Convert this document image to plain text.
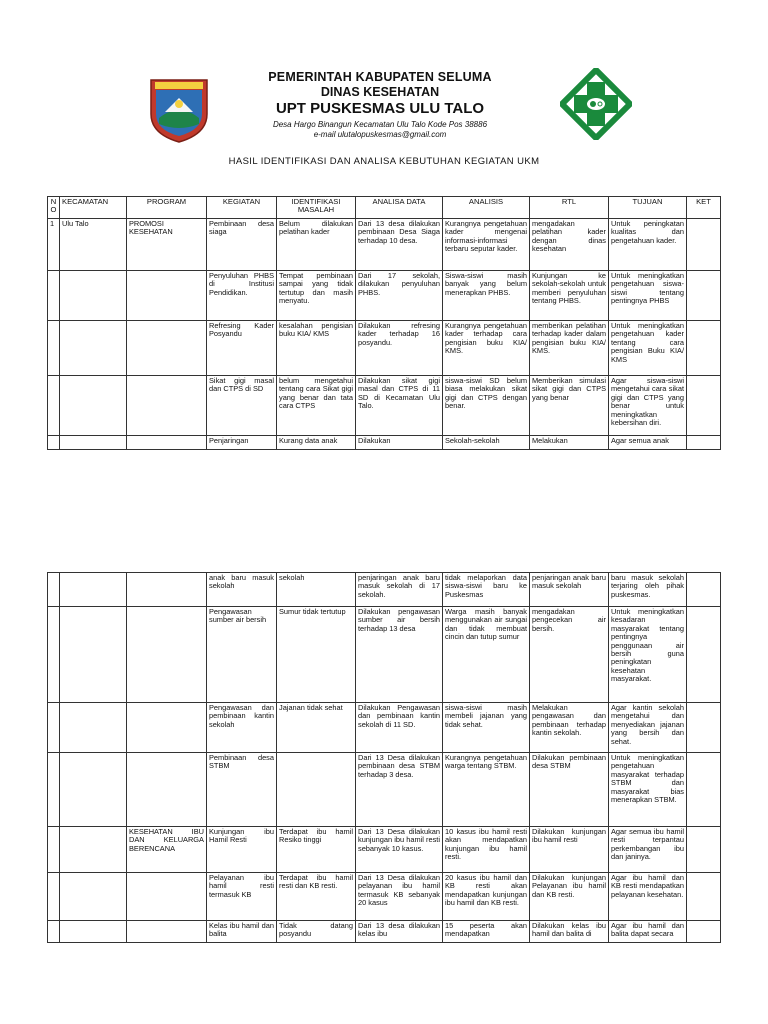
PEMERINTAH KABUPATEN SELUMA
DINAS KESEHATAN
UPT PUSKESMAS ULU TALO
Desa Hargo Binangun Kecamatan Ulu Talo Kode Pos 38886
e-mail ulutalopuskesmas@gmail.com
HASIL IDENTIFIKASI DAN ANALISA KEBUTUHAN KEGIATAN UKM
N O	KECAMATAN	PROGRAM	KEGIATAN	IDENTIFIKASI MASALAH	ANALISA DATA	ANALISIS	RTL	TUJUAN	KET
1	Ulu Talo	PROMOSI KESEHATAN	Pembinaan desa siaga	Belum dilakukan pelatihan kader	Dari 13 desa dilakukan pembinaan Desa Siaga terhadap 10 desa.	Kurangnya pengetahuan kader mengenai informasi-informasi terbaru seputar kader.	mengadakan pelatihan kader dengan dinas kesehatan	Untuk peningkatan kualitas dan pengetahuan kader.	
			Penyuluhan PHBS di Institusi Pendidikan.	Tempat pembinaan sampai yang tidak tertutup dan masih menyatu.	Dari 17 sekolah, dilakukan penyuluhan PHBS.	Siswa-siswi masih banyak yang belum menerapkan PHBS.	Kunjungan ke sekolah-sekolah untuk memberi penyuluhan tentang PHBS.	Untuk meningkatkan pengetahuan siswa-siswi tentang pentingnya PHBS	
			Refresing Kader Posyandu	kesalahan pengisian buku KIA/ KMS	Dilakukan refresing kader terhadap 16 posyandu.	Kurangnya pengetahuan kader terhadap cara pengisian buku KIA/ KMS.	memberikan pelatihan terhadap kader dalam pengisian buku KIA/ KMS.	Untuk meningkatkan pengetahuan kader tentang cara pengisian Buku KIA/ KMS	
			Sikat gigi masal dan CTPS di SD	belum mengetahui tentang cara Sikat gigi yang benar dan tata cara CTPS	Dilakukan sikat gigi masal dan CTPS di 11 SD di Kecamatan Ulu Talo.	siswa-siswi SD belum biasa melakukan sikat gigi dan CTPS dengan benar.	Memberikan simulasi sikat gigi dan CTPS yang benar	Agar siswa-siswi mengetahui cara sikat gigi dan CTPS yang benar untuk meningkatkan kebersihan diri.	
			Penjaringan	Kurang data anak	Dilakukan	Sekolah-sekolah	Melakukan	Agar semua anak	
			anak baru masuk sekolah	sekolah	penjaringan anak baru masuk sekolah di 17 sekolah.	tidak melaporkan data siswa-siswi baru ke Puskesmas	penjaringan anak baru masuk sekolah	baru masuk sekolah terjaring oleh pihak puskesmas.	
			Pengawasan sumber air bersih	Sumur tidak tertutup	Dilakukan pengawasan sumber air bersih terhadap 13 desa	Warga masih banyak menggunakan air sungai dan tidak membuat cincin dan tutup sumur	mengadakan pengecekan air bersih.	Untuk meningkatkan kesadaran masyarakat tentang pentingnya penggunaan air bersih guna peningkatan kesehatan masyarakat.	
			Pengawasan dan pembinaan kantin sekolah	Jajanan tidak sehat	Dilakukan Pengawasan dan pembinaan kantin sekolah di 11 SD.	siswa-siswi masih membeli jajanan yang tidak sehat.	Melakukan pengawasan dan pembinaan terhadap kantin sekolah.	Agar kantin sekolah mengetahui dan menyediakan jajanan yang bersih dan sehat.	
			Pembinaan desa STBM		Dari 13 Desa dilakukan pembinaan desa STBM terhadap 3 desa.	Kurangnya pengetahuan warga tentang STBM.	Dilakukan pembinaan desa STBM	Untuk meningkatkan pengetahuan masyarakat terhadap STBM dan masyarakat bias menerapkan STBM.	
		KESEHATAN IBU DAN KELUARGA BERENCANA	Kunjungan ibu Hamil Resti	Terdapat ibu hamil Resiko tinggi	Dari 13 Desa dilakukan kunjungan ibu hamil resti sebanyak 10 kasus.	10 kasus ibu hamil resti akan mendapatkan kunjungan ibu hamil resti.	Dilakukan kunjungan ibu hamil resti	Agar semua ibu hamil resti terpantau perkembangan ibu dan janinya.	
			Pelayanan ibu hamil resti termasuk KB	Terdapat ibu hamil resti dan KB resti.	Dari 13 Desa dilakukan pelayanan ibu hamil termasuk KB sebanyak 20 kasus	20 kasus ibu hamil dan KB resti akan mendapatkan kunjungan ibu hamil dan KB resti.	Dilakukan kunjungan Pelayanan ibu hamil dan KB resti.	Agar ibu hamil dan KB resti mendapatkan pelayanan kesehatan.	
			Kelas ibu hamil dan balita	Tidak datang posyandu	Dari 13 desa dilakukan kelas ibu	15 peserta akan mendapatkan	Dilakukan kelas ibu hamil dan balita di	Agar ibu hamil dan balita dapat secara	
